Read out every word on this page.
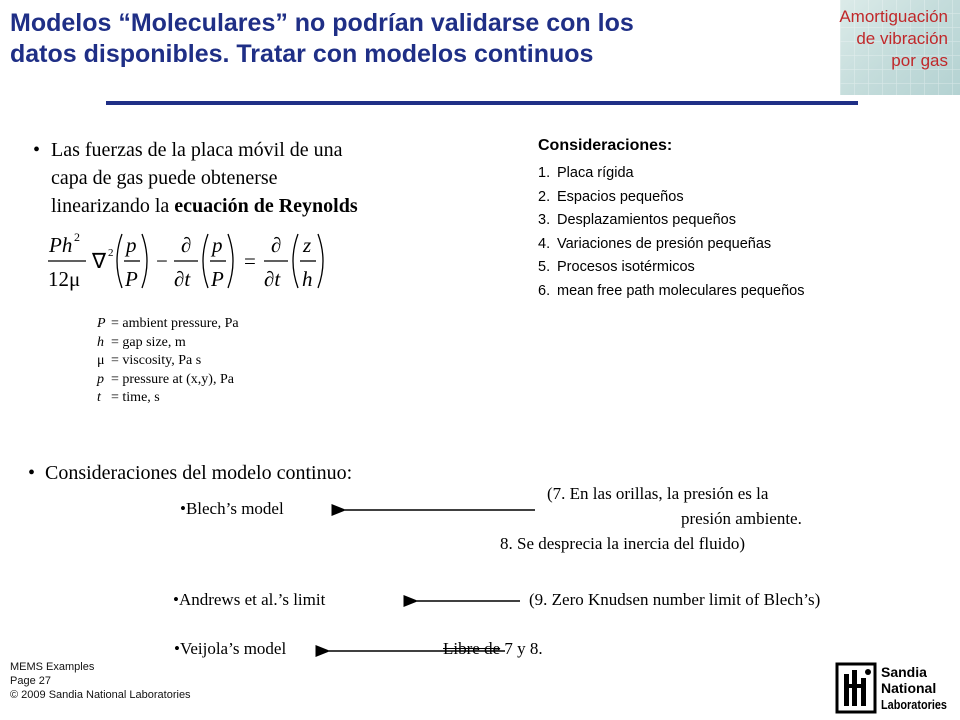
Modelos “Moleculares” no podrían validarse con los
datos disponibles. Tratar con modelos continuos
Amortiguación
de vibración
por gas
• Las fuerzas de la placa móvil de una
capa de gas puede obtenerse
linearizando la ecuación de Reynolds
Ph 2
12μ
∇ 2 p
P
−
∂
∂t
p
P
=
∂
∂t
z
h
P = ambient pressure, Pa
h = gap size, m
μ = viscosity, Pa s
p = pressure at (x,y), Pa
t = time, s
Consideraciones:
1. Placa rígida
2. Espacios pequeños
3. Desplazamientos pequeños
4. Variaciones de presión pequeñas
5. Procesos isotérmicos
6. mean free path moleculares pequeños
• Consideraciones del modelo continuo:
•Blech’s model
•Andrews et al.’s limit
•Veijola’s model
(7. En las orillas, la presión es la
presión ambiente.
8. Se desprecia la inercia del fluido)
(9. Zero Knudsen number limit of Blech’s)
Libre de 7 y 8.
MEMS Examples
Page 27
© 2009 Sandia National Laboratories
Sandia
National
Laboratories
